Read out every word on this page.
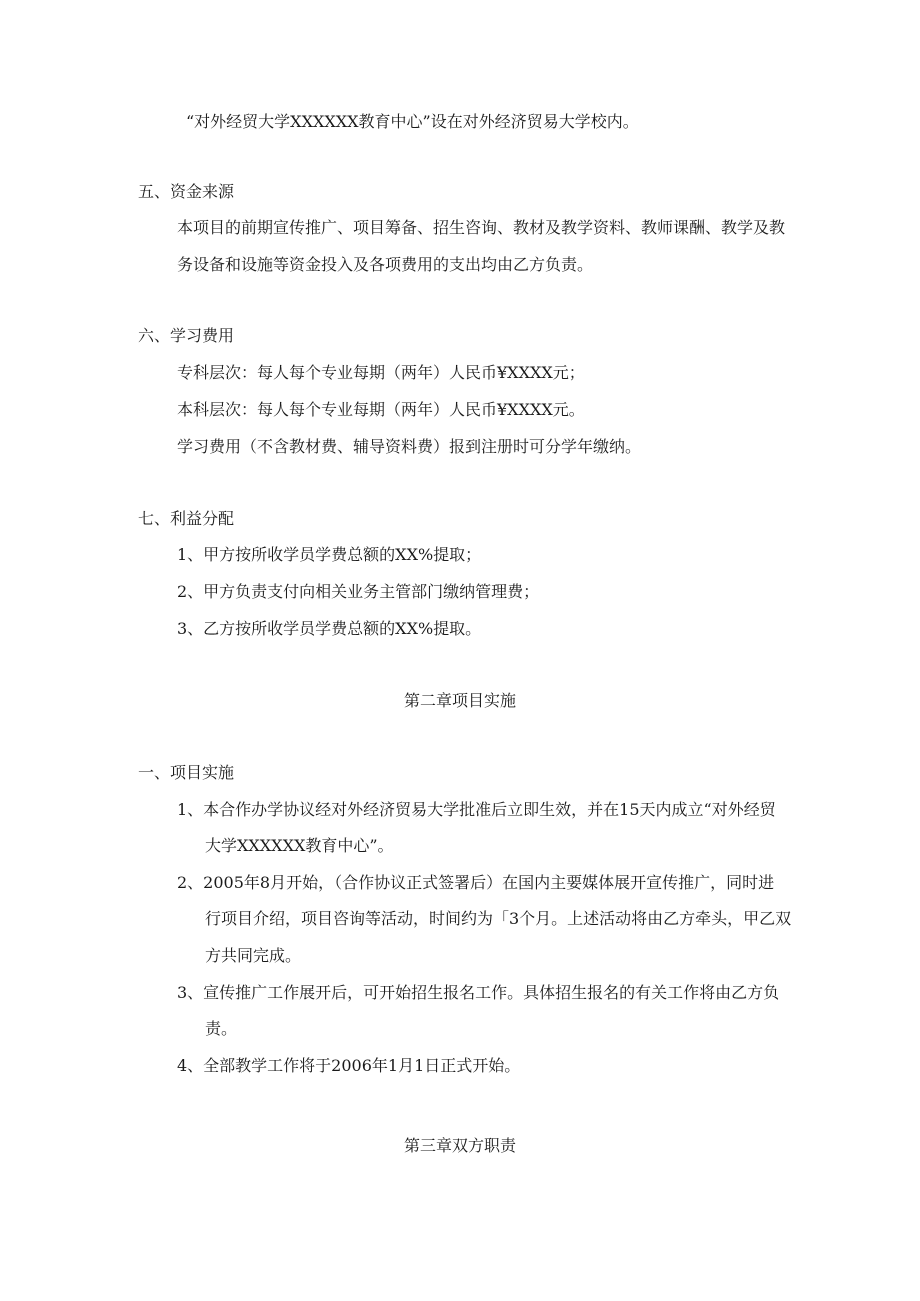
“对外经贸大学XXXXXX教育中心”设在对外经济贸易大学校内。
五、资金来源
本项目的前期宣传推广、项目筹备、招生咨询、教材及教学资料、教师课酬、教学及教
务设备和设施等资金投入及各项费用的支出均由乙方负责。
六、学习费用
专科层次：每人每个专业每期（两年）人民币¥XXXX元；
本科层次：每人每个专业每期（两年）人民币¥XXXX元。
学习费用（不含教材费、辅导资料费）报到注册时可分学年缴纳。
七、利益分配
1、甲方按所收学员学费总额的XX%提取；
2、甲方负责支付向相关业务主管部门缴纳管理费；
3、乙方按所收学员学费总额的XX%提取。
第二章项目实施
一、项目实施
1、本合作办学协议经对外经济贸易大学批准后立即生效，并在15天内成立“对外经贸
大学XXXXXX教育中心”。
2、2005年8月开始，（合作协议正式签署后）在国内主要媒体展开宣传推广，同时进
行项目介绍，项目咨询等活动，时间约为「3个月。上述活动将由乙方牵头，甲乙双
方共同完成。
3、宣传推广工作展开后，可开始招生报名工作。具体招生报名的有关工作将由乙方负
责。
4、全部教学工作将于2006年1月1日正式开始。
第三章双方职责
